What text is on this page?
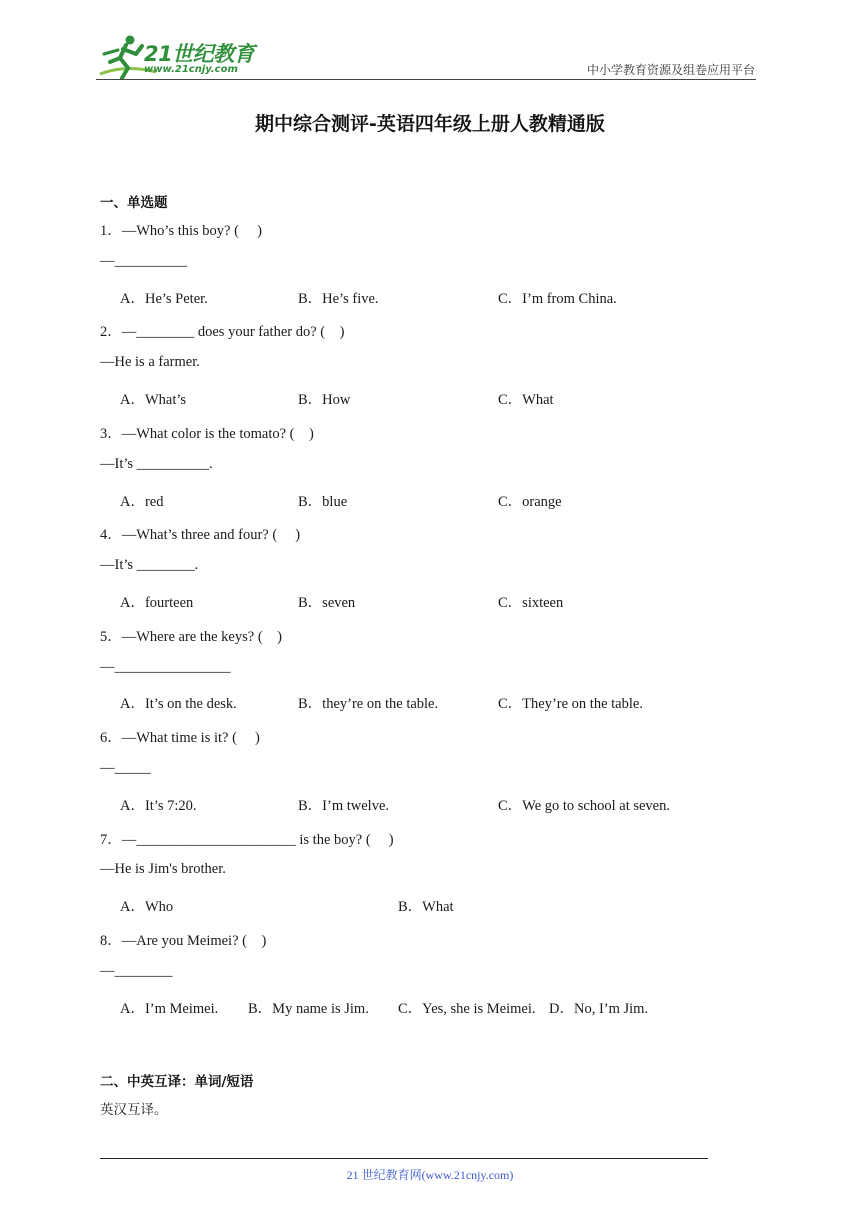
21世纪教育
www.21cnjy.com	中小学教育资源及组卷应用平台
期中综合测评-英语四年级上册人教精通版
一、单选题
1．—Who’s this boy? (　 )
—__________
A．He’s Peter.	B．He’s five.	C．I’m from China.
2．—________ does your father do? (　)
—He is a farmer.
A．What’s	B．How	C．What
3．—What color is the tomato? (　)
—It’s __________.
A．red	B．blue	C．orange
4．—What’s three and four? (　 )
—It’s ________.
A．fourteen	B．seven	C．sixteen
5．—Where are the keys? (　)
—________________
A．It’s on the desk.	B．they’re on the table.	C．They’re on the table.
6．—What time is it? (　 )
—_____
A．It’s 7:20.	B．I’m twelve.	C．We go to school at seven.
7．—______________________ is the boy? (　 )
—He is Jim's brother.
A．Who	B．What
8．—Are you Meimei? (　)
—________
A．I’m Meimei. B．My name is Jim. C．Yes, she is Meimei. D．No, I’m Jim.
二、中英互译：单词/短语
英汉互译。
21 世纪教育网(www.21cnjy.com)
